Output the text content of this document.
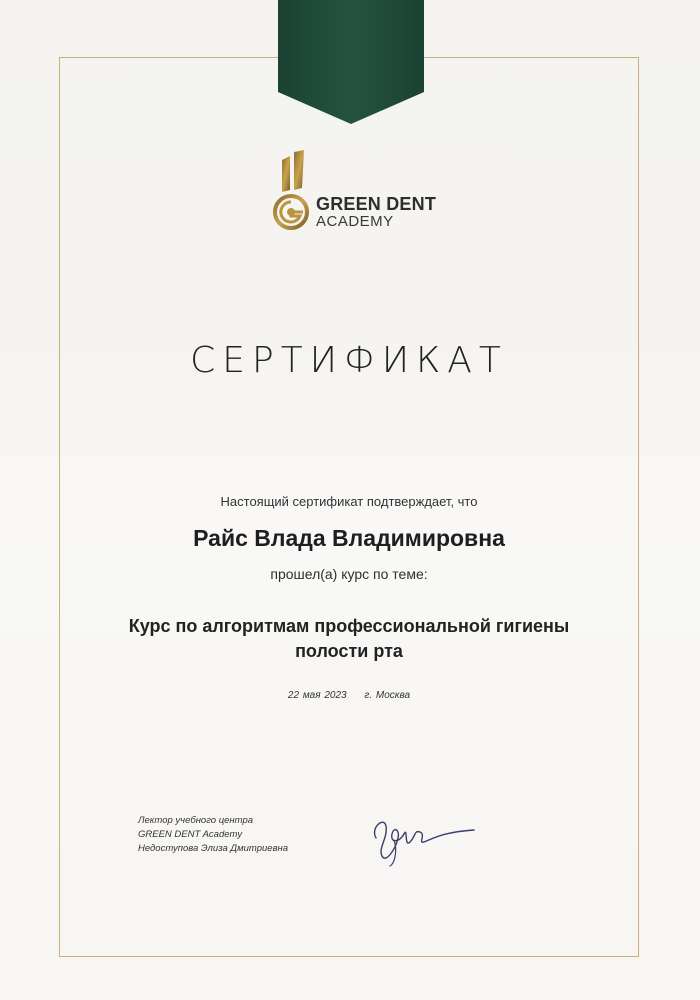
GREEN DENT
ACADEMY
СЕРТИФИКАТ
Настоящий сертификат подтверждает, что
Райс Влада Владимировна
прошел(а) курс по теме:
Курс по алгоритмам профессиональной гигиены полости рта
22 мая 2023 г. Москва
Лектор учебного центра
GREEN DENT Academy
Недоступова Элиза Дмитриевна
